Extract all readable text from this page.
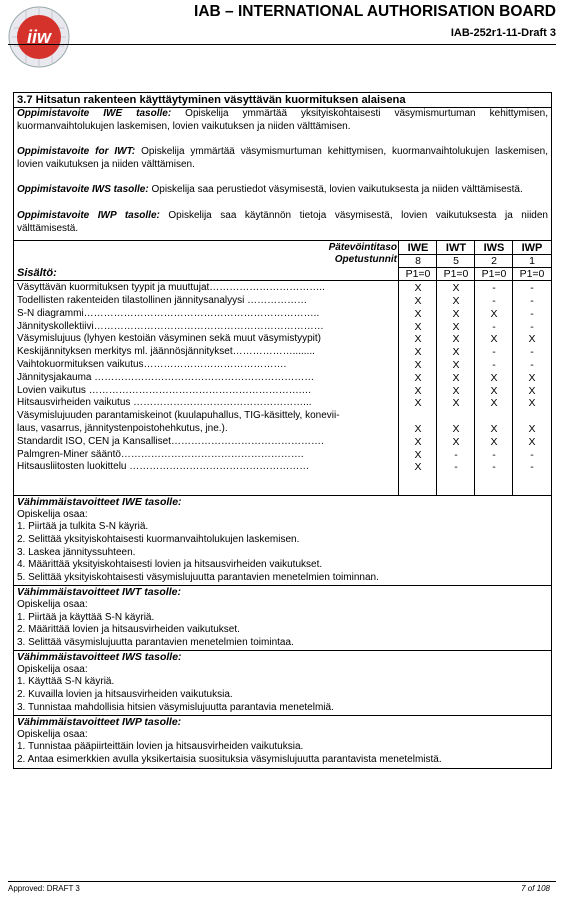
iiw
IAB – INTERNATIONAL AUTHORISATION BOARD
IAB-252r1-11-Draft 3
3.7 Hitsatun rakenteen käyttäytyminen väsyttävän kuormituksen alaisena

Oppimistavoite IWE tasolle: Opiskelija ymmärtää yksityiskohtaisesti väsymismurtuman kehittymisen, kuormanvaihtolukujen laskemisen, lovien vaikutuksen ja niiden välttämisen.

Oppimistavoite for IWT: Opiskelija ymmärtää väsymismurtuman kehittymisen, kuormanvaihtolukujen laskemisen, lovien vaikutuksen ja niiden välttämisen.

Oppimistavoite IWS tasolle: Opiskelija saa perustiedot väsymisestä, lovien vaikutuksesta ja niiden välttämisestä.

Oppimistavoite IWP tasolle: Opiskelija saa käytännön tietoja väsymisestä, lovien vaikutuksesta ja niiden välttämisestä.

Pätevöintitaso
Opetustunnit
Sisältö:
IWE	IWT	IWS	IWP
8	5	2	1
P1=0	P1=0	P1=0	P1=0
Väsyttävän kuormituksen tyypit ja muuttujat……………………………..	X	X	-	-
Todellisten rakenteiden tilastollinen jännitysanalyysi ………………	X	X	-	-
S-N diagrammi……………………………………………………………..	X	X	X	-
Jännityskollektiivi……………………………………………………………	X	X	-	-
Väsymislujuus (lyhyen kestoiän väsyminen sekä muut väsymistyypit)	X	X	X	X
Keskijännityksen merkitys ml. jäännösjännitykset………………........	X	X	-	-
Vaihtokuormituksen vaikutus…………………………………….	X	X	-	-
Jännitysjakauma …………………………………………………………	X	X	X	X
Lovien vaikutus ……………………………………………………….…	X	X	X	X
Hitsausvirheiden vaikutus ……………………………………………...	X	X	X	X
Väsymislujuuden parantamiskeinot (kuulapuhallus, TIG-käsittely, konevii-
laus, vasarrus, jännitystenpoistohehkutus, jne.).	X	X	X	X
Standardit ISO, CEN ja Kansalliset……………………………………….	X	X	X	X
Palmgren-Miner sääntö……………………………………………….	X	-	-	-
Hitsausliitosten luokittelu ………………………………………………	X	-	-	-
Vähimmäistavoitteet IWE tasolle:
Opiskelija osaa:
1. Piirtää ja tulkita S-N käyriä.
2. Selittää yksityiskohtaisesti kuormanvaihtolukujen laskemisen.
3. Laskea jännityssuhteen.
4. Määrittää yksityiskohtaisesti lovien ja hitsausvirheiden vaikutukset.
5. Selittää yksityiskohtaisesti väsymislujuutta parantavien menetelmien toiminnan.
Vähimmäistavoitteet IWT tasolle:
Opiskelija osaa:
1. Piirtää ja käyttää S-N käyriä.
2. Määrittää lovien ja hitsausvirheiden vaikutukset.
3. Selittää väsymislujuutta parantavien menetelmien toimintaa.
Vähimmäistavoitteet IWS tasolle:
Opiskelija osaa:
1. Käyttää S-N käyriä.
2. Kuvailla lovien ja hitsausvirheiden vaikutuksia.
3. Tunnistaa mahdollisia hitsien väsymislujuutta parantavia menetelmiä.
Vähimmäistavoitteet IWP tasolle:
Opiskelija osaa:
1. Tunnistaa pääpiirteittäin lovien ja hitsausvirheiden vaikutuksia.
2. Antaa esimerkkien avulla yksikertaisia suosituksia väsymislujuutta parantavista menetelmistä.
Approved: DRAFT 3	7 of 108
